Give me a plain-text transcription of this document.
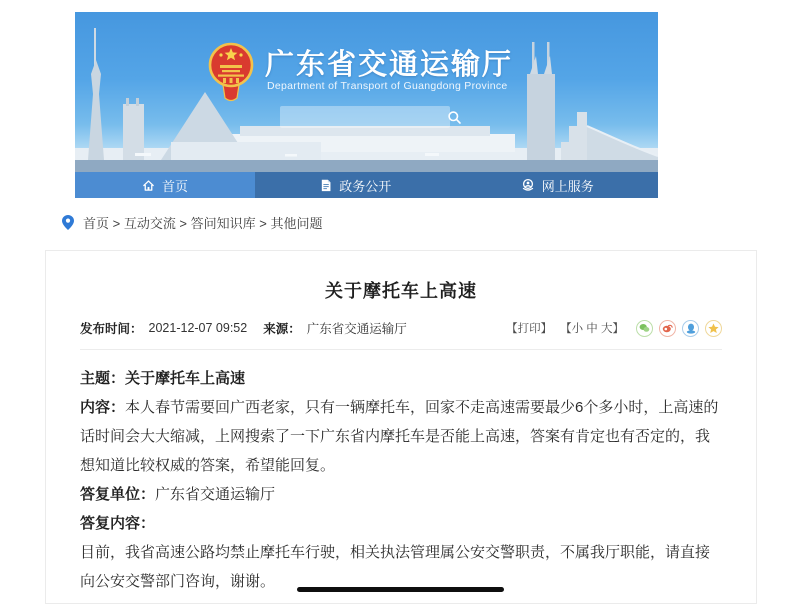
广东省交通运输厅
Department of Transport of Guangdong Province
首页	政务公开	网上服务
首页 > 互动交流 > 答问知识库 > 其他问题
关于摩托车上高速
发布时间： 2021-12-07 09:52 来源： 广东省交通运输厅	【打印】 【小 中 大】

主题：关于摩托车上高速

内容：本人春节需要回广西老家，只有一辆摩托车，回家不走高速需要最少6个多小时，上高速的话时间会大大缩减，上网搜索了一下广东省内摩托车是否能上高速，答案有肯定也有否定的，我想知道比较权威的答案，希望能回复。

答复单位：广东省交通运输厅

答复内容：

目前，我省高速公路均禁止摩托车行驶，相关执法管理属公安交警职责，不属我厅职能，请直接向公安交警部门咨询，谢谢。
